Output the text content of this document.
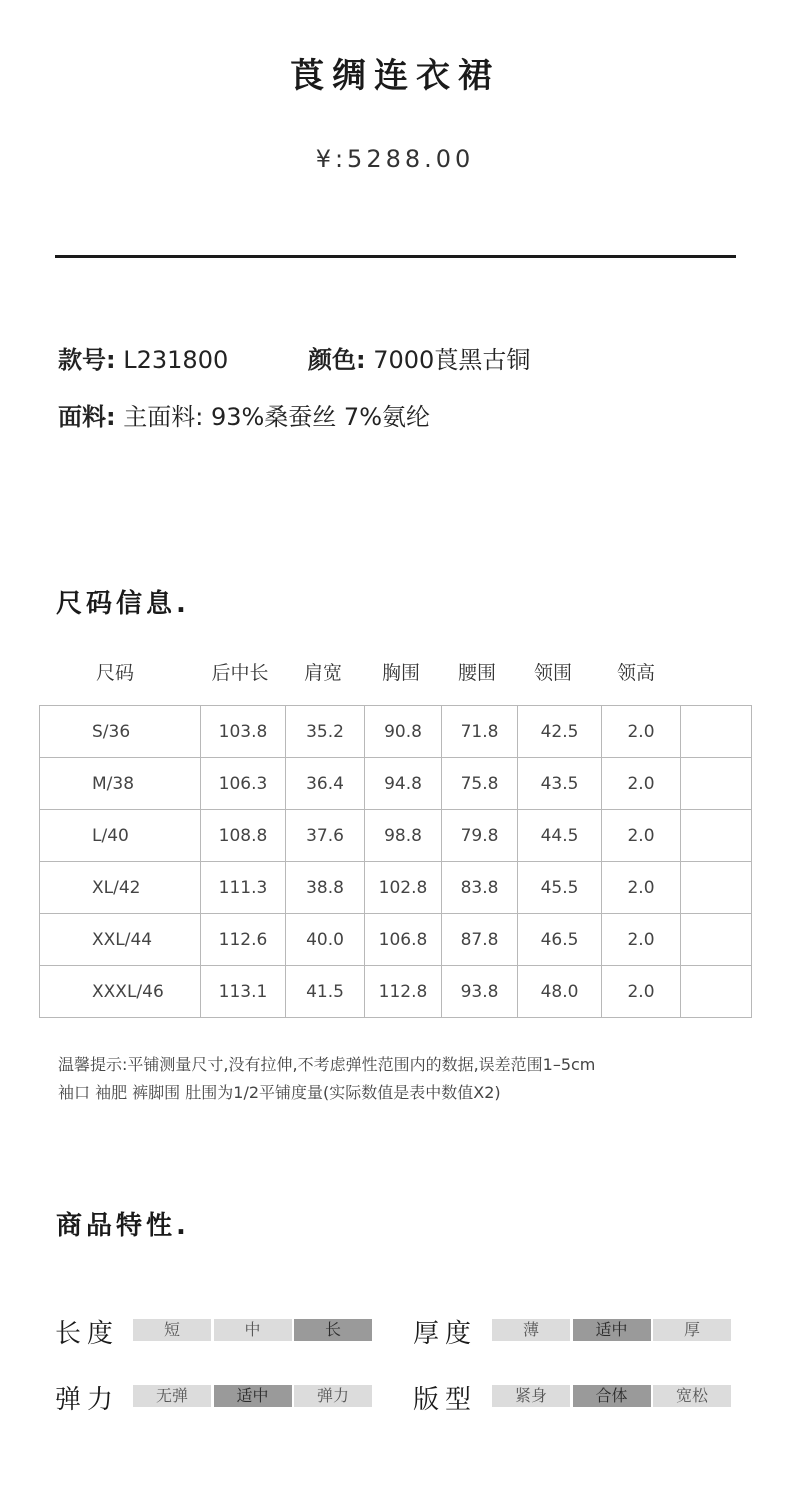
莨绸连衣裙
¥:5288.00
款号: L231800	颜色: 7000莨黑古铜
面料: 主面料: 93%桑蚕丝 7%氨纶
尺码信息.
尺码	后中长 肩宽 胸围 腰围 领围 领高
S/36	103.8	35.2	90.8	71.8	42.5	2.0	
M/38	106.3	36.4	94.8	75.8	43.5	2.0	
L/40	108.8	37.6	98.8	79.8	44.5	2.0	
XL/42	111.3	38.8	102.8	83.8	45.5	2.0	
XXL/44	112.6	40.0	106.8	87.8	46.5	2.0	
XXXL/46	113.1	41.5	112.8	93.8	48.0	2.0	
温馨提示:平铺测量尺寸,没有拉伸,不考虑弹性范围内的数据,误差范围1–5cm
袖口 袖肥 裤脚围 肚围为1/2平铺度量(实际数值是表中数值X2)
商品特性.
长度	短	中	长	厚度	薄	适中	厚
弹力	无弹	适中	弹力	版型	紧身	合体	宽松
